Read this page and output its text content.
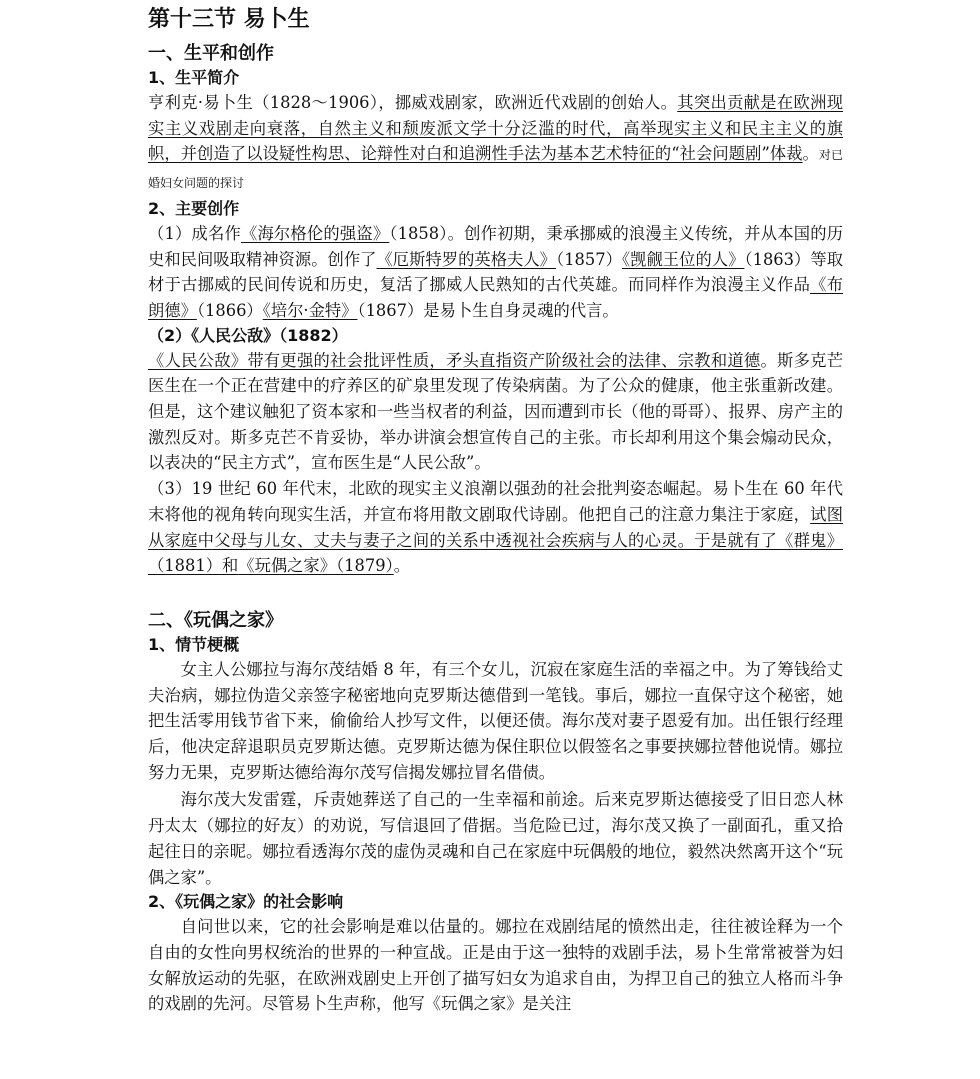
第十三节 易卜生
一、生平和创作
1、生平简介

亨利克·易卜生（1828～1906），挪威戏剧家，欧洲近代戏剧的创始人。其突出贡献是在欧洲现实主义戏剧走向衰落，自然主义和颓废派文学十分泛滥的时代，高举现实主义和民主主义的旗帜，并创造了以设疑性构思、论辩性对白和追溯性手法为基本艺术特征的“社会问题剧”体裁。对已婚妇女问题的探讨

2、主要创作

（1）成名作《海尔格伦的强盗》（1858）。创作初期，秉承挪威的浪漫主义传统，并从本国的历史和民间吸取精神资源。创作了《厄斯特罗的英格夫人》（1857）《觊觎王位的人》（1863）等取材于古挪威的民间传说和历史，复活了挪威人民熟知的古代英雄。而同样作为浪漫主义作品《布朗德》（1866）《培尔·金特》（1867）是易卜生自身灵魂的代言。

（2）《人民公敌》（1882）

《人民公敌》带有更强的社会批评性质，矛头直指资产阶级社会的法律、宗教和道德。斯多克芒医生在一个正在营建中的疗养区的矿泉里发现了传染病菌。为了公众的健康，他主张重新改建。但是，这个建议触犯了资本家和一些当权者的利益，因而遭到市长（他的哥哥）、报界、房产主的激烈反对。斯多克芒不肯妥协，举办讲演会想宣传自己的主张。市长却利用这个集会煽动民众，以表决的“民主方式”，宣布医生是“人民公敌”。

（3）19 世纪 60 年代末，北欧的现实主义浪潮以强劲的社会批判姿态崛起。易卜生在 60 年代末将他的视角转向现实生活，并宣布将用散文剧取代诗剧。他把自己的注意力集注于家庭，试图从家庭中父母与儿女、丈夫与妻子之间的关系中透视社会疾病与人的心灵。于是就有了《群鬼》（1881）和《玩偶之家》（1879）。

二、《玩偶之家》
1、情节梗概

女主人公娜拉与海尔茂结婚 8 年，有三个女儿，沉寂在家庭生活的幸福之中。为了筹钱给丈夫治病，娜拉伪造父亲签字秘密地向克罗斯达德借到一笔钱。事后，娜拉一直保守这个秘密，她把生活零用钱节省下来，偷偷给人抄写文件，以便还债。海尔茂对妻子恩爱有加。出任银行经理后，他决定辞退职员克罗斯达德。克罗斯达德为保住职位以假签名之事要挟娜拉替他说情。娜拉努力无果，克罗斯达德给海尔茂写信揭发娜拉冒名借债。

海尔茂大发雷霆，斥责她葬送了自己的一生幸福和前途。后来克罗斯达德接受了旧日恋人林丹太太（娜拉的好友）的劝说，写信退回了借据。当危险已过，海尔茂又换了一副面孔，重又拾起往日的亲昵。娜拉看透海尔茂的虚伪灵魂和自己在家庭中玩偶般的地位，毅然决然离开这个“玩偶之家”。

2、《玩偶之家》的社会影响

自问世以来，它的社会影响是难以估量的。娜拉在戏剧结尾的愤然出走，往往被诠释为一个自由的女性向男权统治的世界的一种宣战。正是由于这一独特的戏剧手法，易卜生常常被誉为妇女解放运动的先驱，在欧洲戏剧史上开创了描写妇女为追求自由，为捍卫自己的独立人格而斗争的戏剧的先河。尽管易卜生声称，他写《玩偶之家》是关注
